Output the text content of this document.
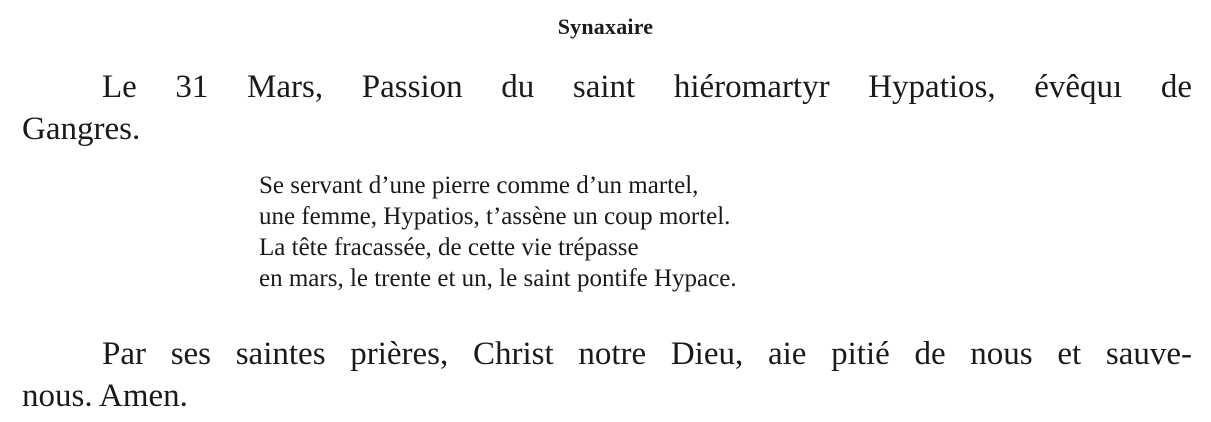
Synaxaire
Le 31 Mars, Passion du saint hiéromartyr Hypatios, évêquı de
Gangres.
Se servant d’une pierre comme d’un martel,
une femme, Hypatios, t’assène un coup mortel.
La tête fracassée, de cette vie trépasse
en mars, le trente et un, le saint pontife Hypace.
Par ses saintes prières, Christ notre Dieu, aie pitié de nous et sauve-
nous. Amen.
